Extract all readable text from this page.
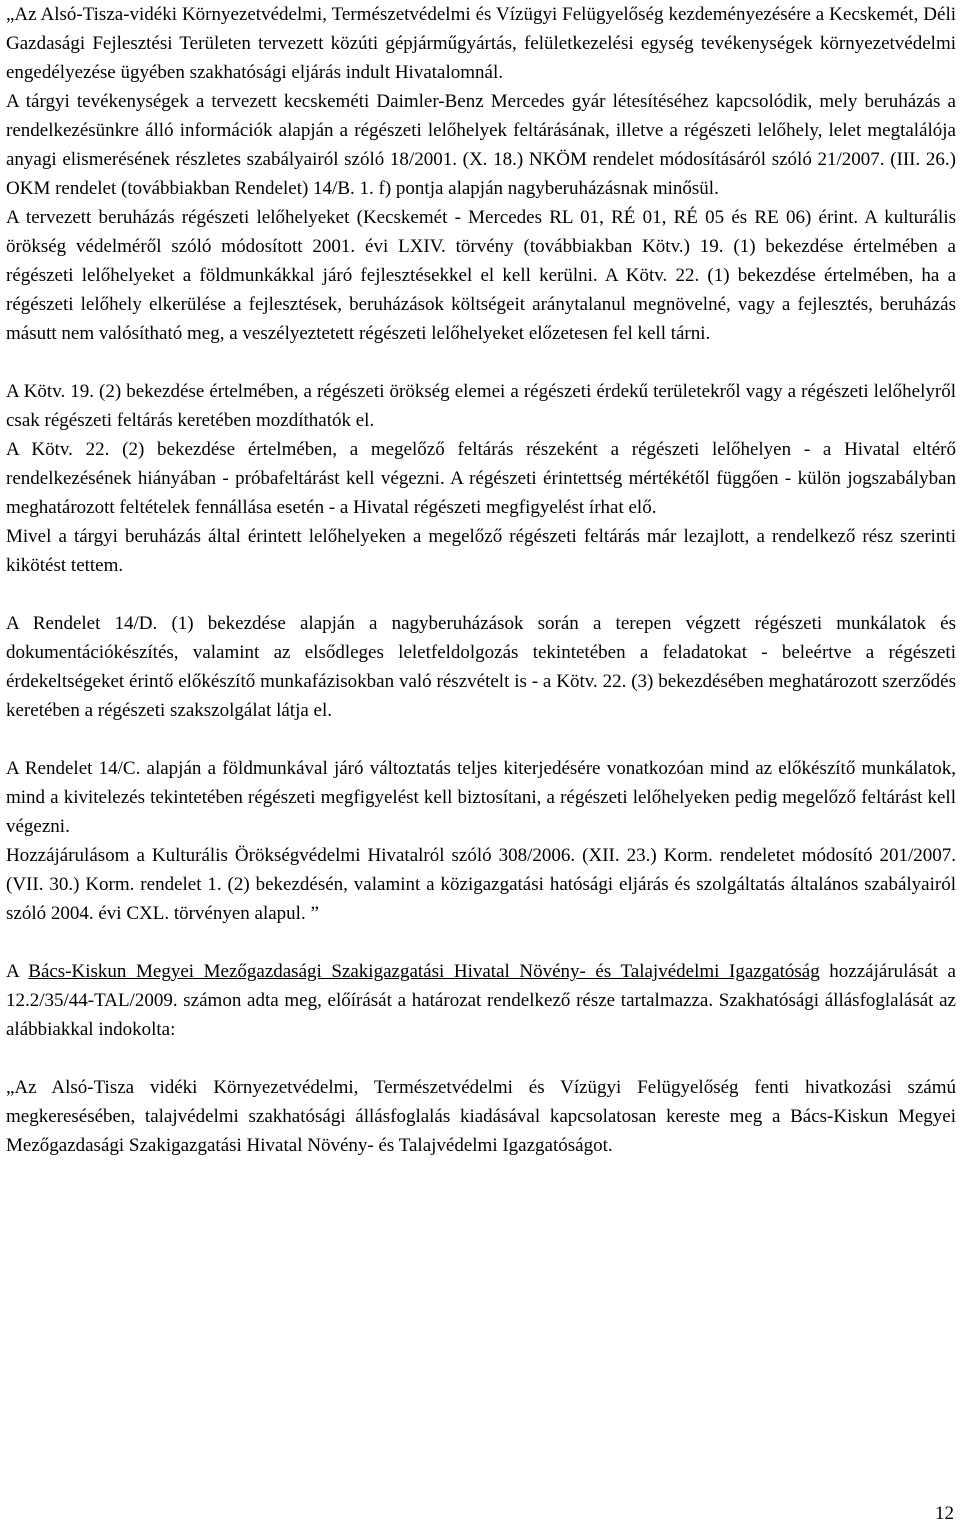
„Az Alsó-Tisza-vidéki Környezetvédelmi, Természetvédelmi és Vízügyi Felügyelőség kezdeményezésére a Kecskemét, Déli Gazdasági Fejlesztési Területen tervezett közúti gépjárműgyártás, felületkezelési egység tevékenységek környezetvédelmi engedélyezése ügyében szakhatósági eljárás indult Hivatalomnál.

A tárgyi tevékenységek a tervezett kecskeméti Daimler-Benz Mercedes gyár létesítéséhez kapcsolódik, mely beruházás a rendelkezésünkre álló információk alapján a régészeti lelőhelyek feltárásának, illetve a régészeti lelőhely, lelet megtalálója anyagi elismerésének részletes szabályairól szóló 18/2001. (X. 18.) NKÖM rendelet módosításáról szóló 21/2007. (III. 26.) OKM rendelet (továbbiakban Rendelet) 14/B. 1. f) pontja alapján nagyberuházásnak minősül.

A tervezett beruházás régészeti lelőhelyeket (Kecskemét - Mercedes RL 01, RÉ 01, RÉ 05 és RE 06) érint. A kulturális örökség védelméről szóló módosított 2001. évi LXIV. törvény (továbbiakban Kötv.) 19. (1) bekezdése értelmében a régészeti lelőhelyeket a földmunkákkal járó fejlesztésekkel el kell kerülni. A Kötv. 22. (1) bekezdése értelmében, ha a régészeti lelőhely elkerülése a fejlesztések, beruházások költségeit aránytalanul megnövelné, vagy a fejlesztés, beruházás másutt nem valósítható meg, a veszélyeztetett régészeti lelőhelyeket előzetesen fel kell tárni.

A Kötv. 19. (2) bekezdése értelmében, a régészeti örökség elemei a régészeti érdekű területekről vagy a régészeti lelőhelyről csak régészeti feltárás keretében mozdíthatók el.

A Kötv. 22. (2) bekezdése értelmében, a megelőző feltárás részeként a régészeti lelőhelyen - a Hivatal eltérő rendelkezésének hiányában - próbafeltárást kell végezni. A régészeti érintettség mértékétől függően - külön jogszabályban meghatározott feltételek fennállása esetén - a Hivatal régészeti megfigyelést írhat elő.

Mivel a tárgyi beruházás által érintett lelőhelyeken a megelőző régészeti feltárás már lezajlott, a rendelkező rész szerinti kikötést tettem.

A Rendelet 14/D. (1) bekezdése alapján a nagyberuházások során a terepen végzett régészeti munkálatok és dokumentációkészítés, valamint az elsődleges leletfeldolgozás tekintetében a feladatokat - beleértve a régészeti érdekeltségeket érintő előkészítő munkafázisokban való részvételt is - a Kötv. 22. (3) bekezdésében meghatározott szerződés keretében a régészeti szakszolgálat látja el.

A Rendelet 14/C. alapján a földmunkával járó változtatás teljes kiterjedésére vonatkozóan mind az előkészítő munkálatok, mind a kivitelezés tekintetében régészeti megfigyelést kell biztosítani, a régészeti lelőhelyeken pedig megelőző feltárást kell végezni.

Hozzájárulásom a Kulturális Örökségvédelmi Hivatalról szóló 308/2006. (XII. 23.) Korm. rendeletet módosító 201/2007. (VII. 30.) Korm. rendelet 1. (2) bekezdésén, valamint a közigazgatási hatósági eljárás és szolgáltatás általános szabályairól szóló 2004. évi CXL. törvényen alapul. ”

A Bács-Kiskun Megyei Mezőgazdasági Szakigazgatási Hivatal Növény- és Talajvédelmi Igazgatóság hozzájárulását a 12.2/35/44-TAL/2009. számon adta meg, előírását a határozat rendelkező része tartalmazza. Szakhatósági állásfoglalását az alábbiakkal indokolta:

„Az Alsó-Tisza vidéki Környezetvédelmi, Természetvédelmi és Vízügyi Felügyelőség fenti hivatkozási számú megkeresésében, talajvédelmi szakhatósági állásfoglalás kiadásával kapcsolatosan kereste meg a Bács-Kiskun Megyei Mezőgazdasági Szakigazgatási Hivatal Növény- és Talajvédelmi Igazgatóságot.

12
